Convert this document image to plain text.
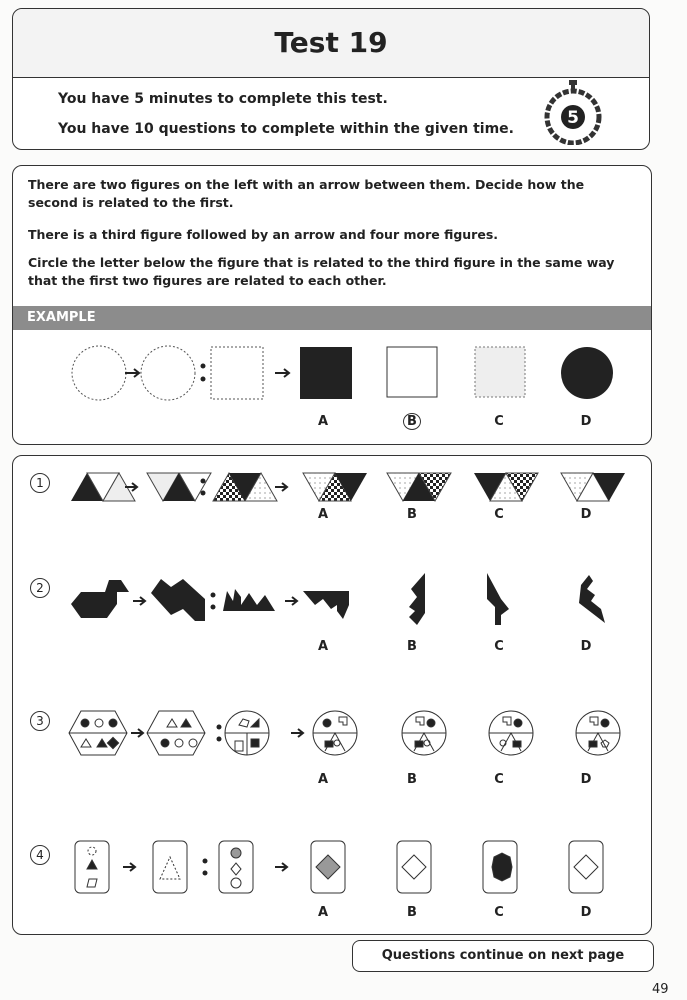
Test 19
You have 5 minutes to complete this test.
You have 10 questions to complete within the given time.
5
There are two figures on the left with an arrow between them. Decide how the second is related to the first.
There is a third figure followed by an arrow and four more figures.
Circle the letter below the figure that is related to the third figure in the same way that the first two figures are related to each other.
EXAMPLE
A	B	C	D
1
A	B	C	D
2
A	B	C	D
3
A	B	C	D
4
A	B	C	D
Questions continue on next page
49
